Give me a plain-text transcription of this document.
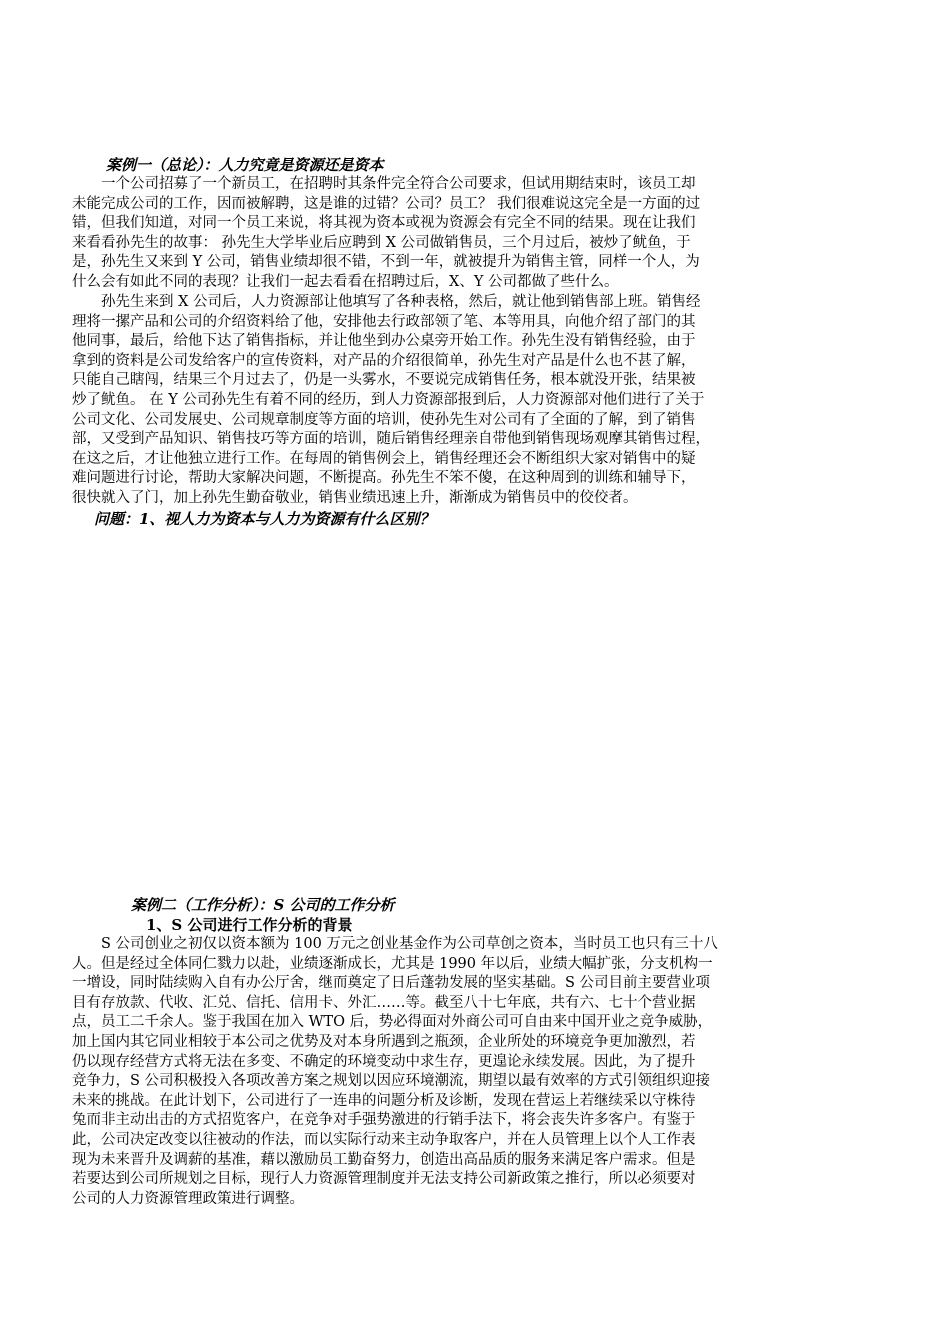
案例一（总论）：人力究竟是资源还是资本
一个公司招募了一个新员工，在招聘时其条件完全符合公司要求，但试用期结束时，该员工却
未能完成公司的工作，因而被解聘，这是谁的过错？公司？员工？ 我们很难说这完全是一方面的过
错，但我们知道，对同一个员工来说，将其视为资本或视为资源会有完全不同的结果。现在让我们
来看看孙先生的故事： 孙先生大学毕业后应聘到 X 公司做销售员，三个月过后，被炒了鱿鱼，于
是，孙先生又来到 Y 公司，销售业绩却很不错，不到一年，就被提升为销售主管，同样一个人，为
什么会有如此不同的表现？让我们一起去看看在招聘过后，X、Y 公司都做了些什么。
孙先生来到 X 公司后，人力资源部让他填写了各种表格，然后，就让他到销售部上班。销售经
理将一摞产品和公司的介绍资料给了他，安排他去行政部领了笔、本等用具，向他介绍了部门的其
他同事，最后，给他下达了销售指标，并让他坐到办公桌旁开始工作。孙先生没有销售经验，由于
拿到的资料是公司发给客户的宣传资料，对产品的介绍很简单，孙先生对产品是什么也不甚了解，
只能自己瞎闯，结果三个月过去了，仍是一头雾水，不要说完成销售任务，根本就没开张，结果被
炒了鱿鱼。 在 Y 公司孙先生有着不同的经历，到人力资源部报到后，人力资源部对他们进行了关于
公司文化、公司发展史、公司规章制度等方面的培训，使孙先生对公司有了全面的了解，到了销售
部，又受到产品知识、销售技巧等方面的培训，随后销售经理亲自带他到销售现场观摩其销售过程，
在这之后，才让他独立进行工作。在每周的销售例会上，销售经理还会不断组织大家对销售中的疑
难问题进行讨论，帮助大家解决问题，不断提高。孙先生不笨不傻，在这种周到的训练和辅导下，
很快就入了门，加上孙先生勤奋敬业，销售业绩迅速上升，渐渐成为销售员中的佼佼者。
问题：1、视人力为资本与人力为资源有什么区别？
案例二（工作分析）：S 公司的工作分析
1、S 公司进行工作分析的背景
S 公司创业之初仅以资本额为 100 万元之创业基金作为公司草创之资本，当时员工也只有三十八
人。但是经过全体同仁戮力以赴，业绩逐渐成长，尤其是 1990 年以后，业绩大幅扩张，分支机构一
一增设，同时陆续购入自有办公厅舍，继而奠定了日后蓬勃发展的坚实基础。S 公司目前主要营业项
目有存放款、代收、汇兑、信托、信用卡、外汇……等。截至八十七年底，共有六、七十个营业据
点，员工二千余人。鉴于我国在加入 WTO 后，势必得面对外商公司可自由来中国开业之竞争威胁，
加上国内其它同业相较于本公司之优势及对本身所遇到之瓶颈，企业所处的环境竞争更加激烈，若
仍以现存经营方式将无法在多变、不确定的环境变动中求生存，更遑论永续发展。因此，为了提升
竞争力，S 公司积极投入各项改善方案之规划以因应环境潮流，期望以最有效率的方式引领组织迎接
未来的挑战。在此计划下，公司进行了一连串的问题分析及诊断，发现在营运上若继续采以守株待
兔而非主动出击的方式招览客户，在竞争对手强势激进的行销手法下，将会丧失许多客户。有鉴于
此，公司决定改变以往被动的作法，而以实际行动来主动争取客户，并在人员管理上以个人工作表
现为未来晋升及调薪的基准，藉以激励员工勤奋努力，创造出高品质的服务来满足客户需求。但是
若要达到公司所规划之目标，现行人力资源管理制度并无法支持公司新政策之推行，所以必须要对
公司的人力资源管理政策进行调整。
